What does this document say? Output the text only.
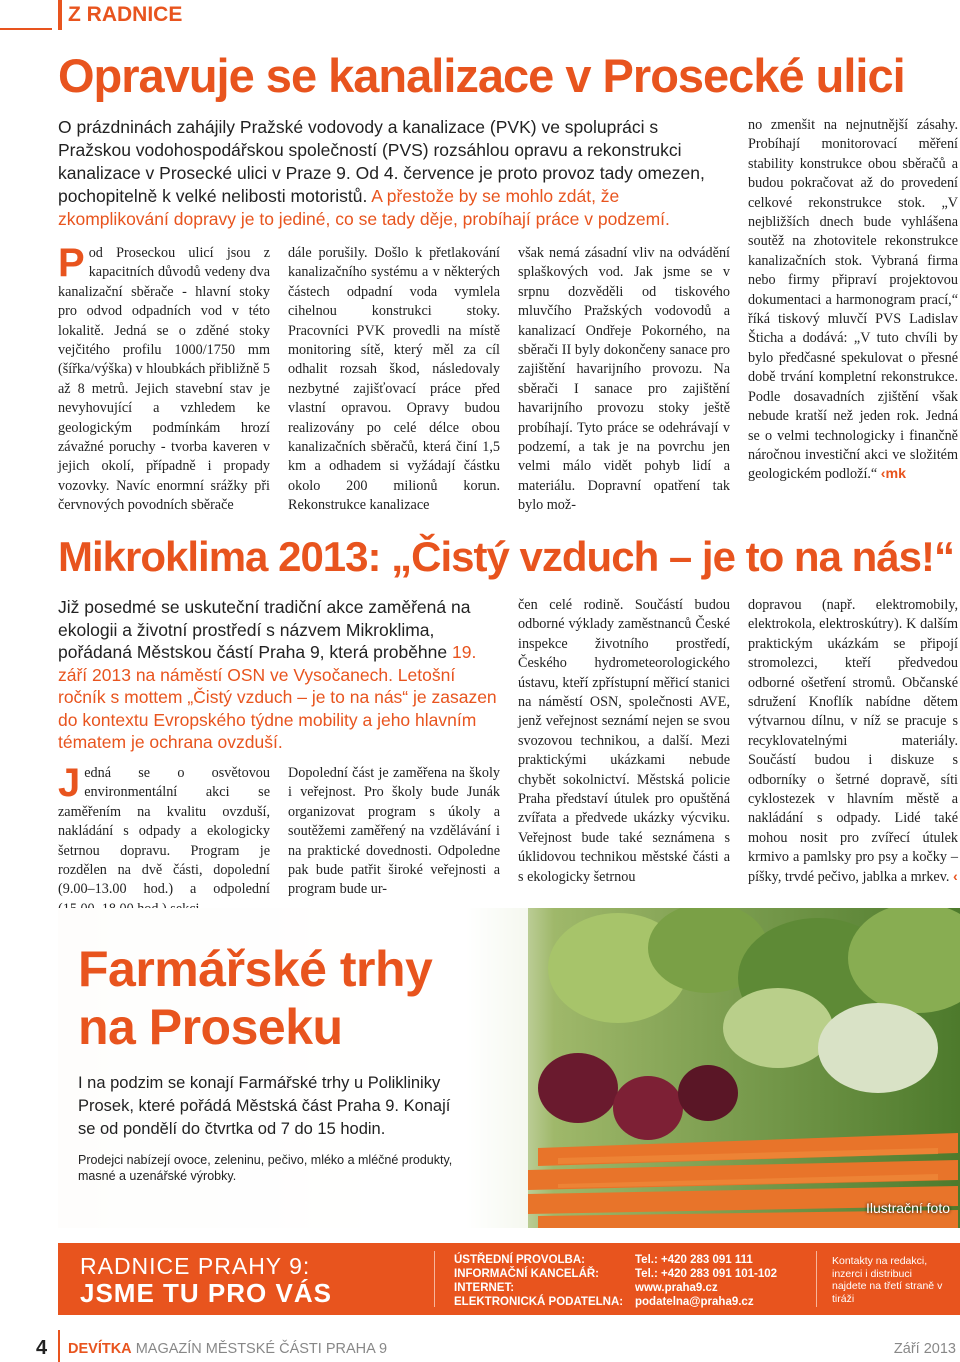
Z RADNICE
Opravuje se kanalizace v Prosecké ulici
O prázdninách zahájily Pražské vodovody a kanalizace (PVK) ve spolupráci s Pražskou vodohospodářskou společností (PVS) rozsáhlou opravu a rekonstrukci kanalizace v Prosecké ulici v Praze 9. Od 4. července je proto provoz tady omezen, pochopitelně k velké nelibosti motoristů. A přestože by se mohlo zdát, že zkomplikování dopravy je to jediné, co se tady děje, probíhají práce v podzemí.
Pod Proseckou ulicí jsou z kapacitních důvodů vedeny dva kanalizační sběrače - hlavní stoky pro odvod odpadních vod v této lokalitě. Jedná se o zděné stoky vejčitého profilu 1000/1750 mm (šířka/výška) v hloubkách přibližně 5 až 8 metrů. Jejich stavební stav je nevyhovující a vzhledem ke geologickým podmínkám hrozí závažné poruchy - tvorba kaveren v jejich okolí, případně i propady vozovky. Navíc enormní srážky při červnových povodních sběrače
dále porušily. Došlo k přetlakování kanalizačního systému a v některých částech odpadní voda vymlela cihelnou konstrukci stoky. Pracovníci PVK provedli na místě monitoring sítě, který měl za cíl odhalit rozsah škod, následovaly nezbytné zajišťovací práce před vlastní opravou. Opravy budou realizovány po celé délce obou kanalizačních sběračů, která činí 1,5 km a odhadem si vyžádají částku okolo 200 milionů korun. Rekonstrukce kanalizace
však nemá zásadní vliv na odvádění splaškových vod. Jak jsme se v srpnu dozvěděli od tiskového mluvčího Pražských vodovodů a kanalizací Ondřeje Pokorného, na sběrači II byly dokončeny sanace pro zajištění havarijního provozu. Na sběrači I sanace pro zajištění havarijního provozu stoky ještě probíhají. Tyto práce se odehrávají v podzemí, a tak je na povrchu jen velmi málo vidět pohyb lidí a materiálu. Dopravní opatření tak bylo mož-
no zmenšit na nejnutnější zásahy. Probíhají monitorovací měření stability konstrukce obou sběračů a budou pokračovat až do provedení celkové rekonstrukce stok. „V nejbližších dnech bude vyhlášena soutěž na zhotovitele rekonstrukce kanalizačních stok. Vybraná firma nebo firmy připraví projektovou dokumentaci a harmonogram prací,“ říká tiskový mluvčí PVS Ladislav Šticha a dodává: „V tuto chvíli by bylo předčasné spekulovat o přesné době trvání kompletní rekonstrukce. Podle dosavadních zjištění však nebude kratší než jeden rok. Jedná se o velmi technologicky i finančně náročnou investiční akci ve složitém geologickém podloží.“ ‹mk
Mikroklima 2013: „Čistý vzduch – je to na nás!“
Již posedmé se uskuteční tradiční akce zaměřená na ekologii a životní prostředí s názvem Mikroklima, pořádaná Městskou částí Praha 9, která proběhne 19. září 2013 na náměstí OSN ve Vysočanech. Letošní ročník s mottem „Čistý vzduch – je to na nás“ je zasazen do kontextu Evropského týdne mobility a jeho hlavním tématem je ochrana ovzduší.
Jedná se o osvětovou environmentální akci se zaměřením na kvalitu ovzduší, nakládání s odpady a ekologicky šetrnou dopravu. Program je rozdělen na dvě části, dopolední (9.00–13.00 hod.) a odpolední
Dopolední část je zaměřena na školy i veřejnost. Pro školy bude Junák organizovat program s úkoly a soutěžemi zaměřený na vzdělávání i na praktické dovednosti. Odpoledne pak bude patřit široké veřejnosti a program bude ur-
čen celé rodině. Součástí budou odborné výklady zaměstnanců České inspekce životního prostředí, Českého hydrometeorologického ústavu, kteří zpřístupní měřicí stanici na náměstí OSN, společnosti AVE, jenž veřejnost seznámí nejen se svou svozovou technikou, a další. Mezi praktickými ukázkami nebude chybět sokolnictví. Městská policie Praha představí útulek pro opuštěná zvířata a předvede ukázky výcviku. Veřejnost bude také seznámena s úklidovou technikou městské části a s ekologicky šetrnou
dopravou (např. elektromobily, elektrokola, elektroskútry). K dalším praktickým ukázkám se připojí stromolezci, kteří předvedou odborné ošetření stromů. Občanské sdružení Knoflík nabídne dětem výtvarnou dílnu, v níž se pracuje s recyklovatelnými materiály. Součástí budou i diskuze s odborníky o šetrné dopravě, síti cyklostezek v hlavním městě a nakládání s odpady. Lidé také mohou nosit pro zvířecí útulek krmivo a pamlsky pro psy a kočky – píšky, trvdé pečivo, jablka a mrkev. ‹
Ilustrační foto
Farmářské trhy
na Proseku
I na podzim se konají Farmářské trhy u Polikliniky Prosek, které pořádá Městská část Praha 9. Konají se od pondělí do čtvrtka od 7 do 15 hodin.
Prodejci nabízejí ovoce, zeleninu, pečivo, mléko a mléčné produkty, masné a uzenářské výrobky.
RADNICE PRAHY 9:
JSME TU PRO VÁS
ÚSTŘEDNÍ PROVOLBA:
INFORMAČNÍ KANCELÁŘ:
INTERNET:
ELEKTRONICKÁ PODATELNA:
Tel.: +420 283 091 111
Tel.: +420 283 091 101-102
www.praha9.cz
podatelna@praha9.cz
Kontakty na redakci, inzerci i distribuci najdete na třetí straně v tiráži
4 DEVÍTKA MAGAZÍN MĚSTSKÉ ČÁSTI PRAHA 9	Září 2013
